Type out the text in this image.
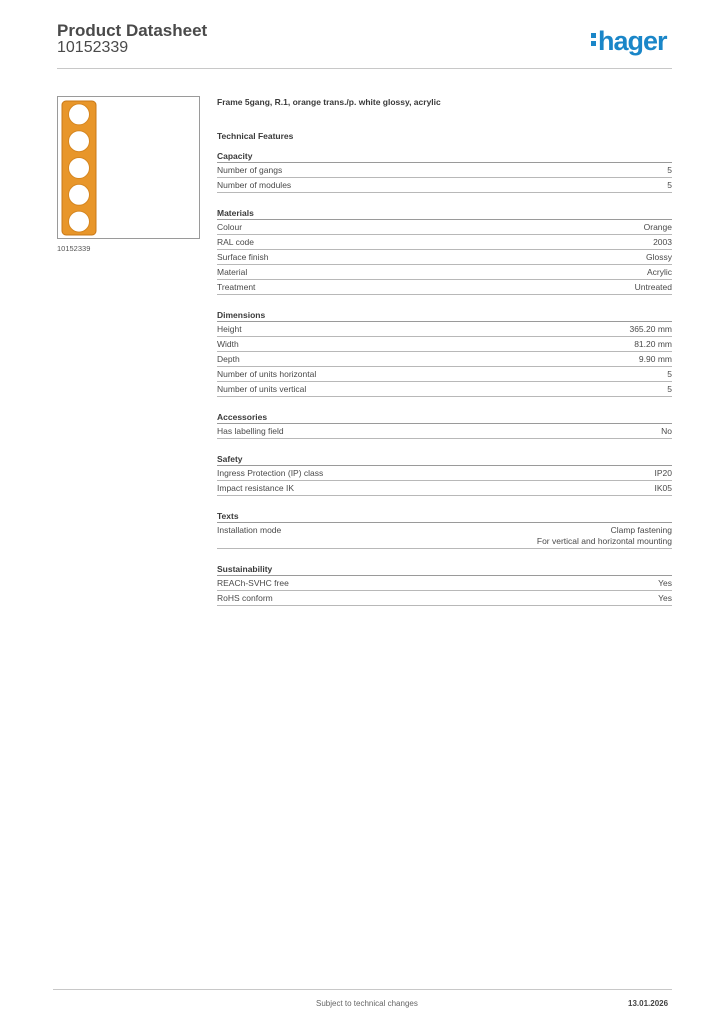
Product Datasheet
10152339	hager
10152339
Frame 5gang, R.1, orange trans./p. white glossy, acrylic
Technical Features
Capacity
Number of gangs	5
Number of modules	5
Materials
Colour	Orange
RAL code	2003
Surface finish	Glossy
Material	Acrylic
Treatment	Untreated
Dimensions
Height	365.20 mm
Width	81.20 mm
Depth	9.90 mm
Number of units horizontal	5
Number of units vertical	5
Accessories
Has labelling field	No
Safety
Ingress Protection (IP) class	IP20
Impact resistance IK	IK05
Texts
Installation mode	Clamp fastening
For vertical and horizontal mounting
Sustainability
REACh-SVHC free	Yes
RoHS conform	Yes
Subject to technical changes	13.01.2026
